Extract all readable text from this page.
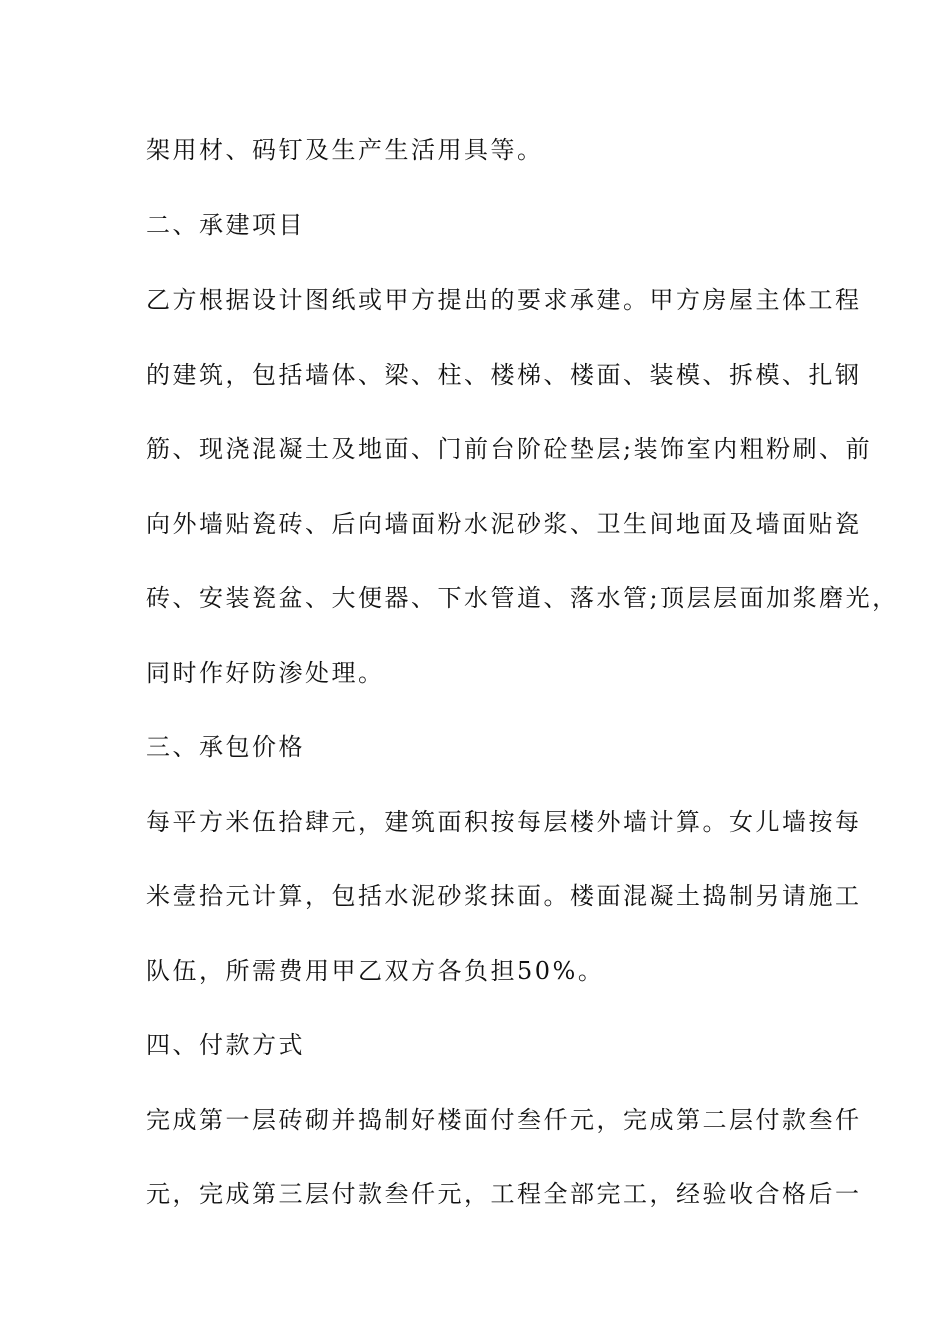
架用材、码钉及生产生活用具等。
二、承建项目
乙方根据设计图纸或甲方提出的要求承建。甲方房屋主体工程
的建筑，包括墙体、梁、柱、楼梯、楼面、装模、拆模、扎钢
筋、现浇混凝土及地面、门前台阶砼垫层;装饰室内粗粉刷、前
向外墙贴瓷砖、后向墙面粉水泥砂浆、卫生间地面及墙面贴瓷
砖、安装瓷盆、大便器、下水管道、落水管;顶层层面加浆磨光，
同时作好防渗处理。
三、承包价格
每平方米伍拾肆元，建筑面积按每层楼外墙计算。女儿墙按每
米壹拾元计算，包括水泥砂浆抹面。楼面混凝土捣制另请施工
队伍，所需费用甲乙双方各负担50%。
四、付款方式
完成第一层砖砌并捣制好楼面付叁仟元，完成第二层付款叁仟
元，完成第三层付款叁仟元，工程全部完工，经验收合格后一
